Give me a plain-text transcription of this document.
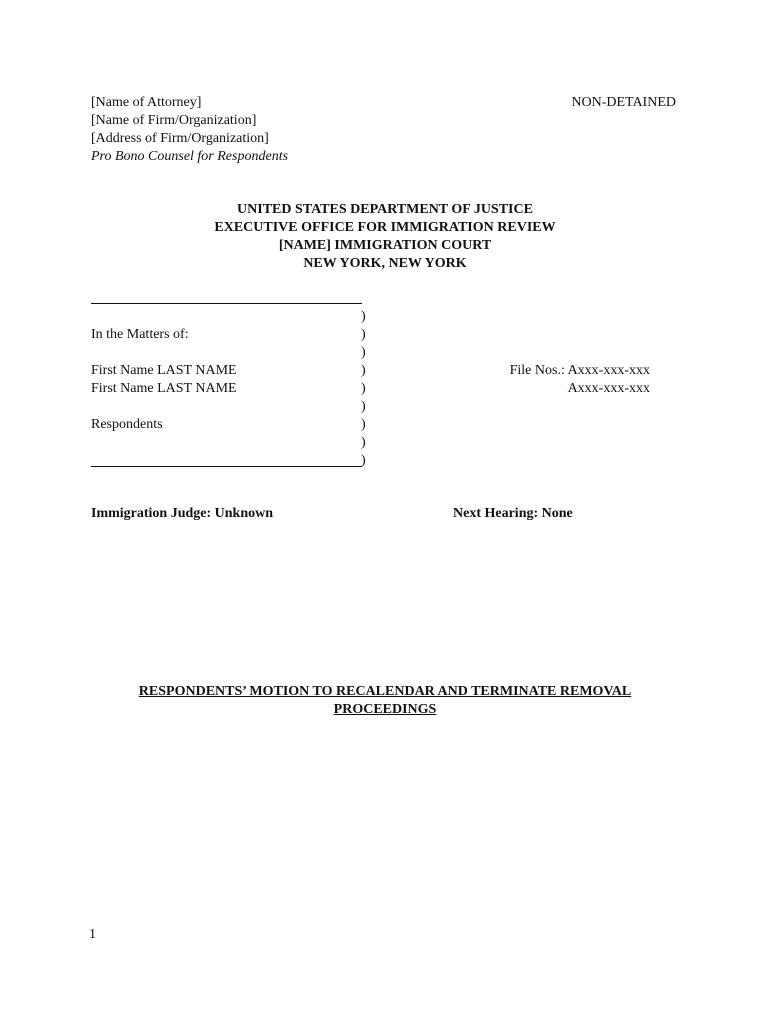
[Name of Attorney]
[Name of Firm/Organization]
[Address of Firm/Organization]
Pro Bono Counsel for Respondents
NON-DETAINED
UNITED STATES DEPARTMENT OF JUSTICE
EXECUTIVE OFFICE FOR IMMIGRATION REVIEW
[NAME] IMMIGRATION COURT
NEW YORK, NEW YORK
In the Matters of:
First Name LAST NAME
First Name LAST NAME
Respondents
)
)
)
)
)
)
)
)
)
File Nos.: Axxx-xxx-xxx
Axxx-xxx-xxx
Immigration Judge: Unknown	Next Hearing: None
RESPONDENTS’ MOTION TO RECALENDAR AND TERMINATE REMOVAL
PROCEEDINGS
1
